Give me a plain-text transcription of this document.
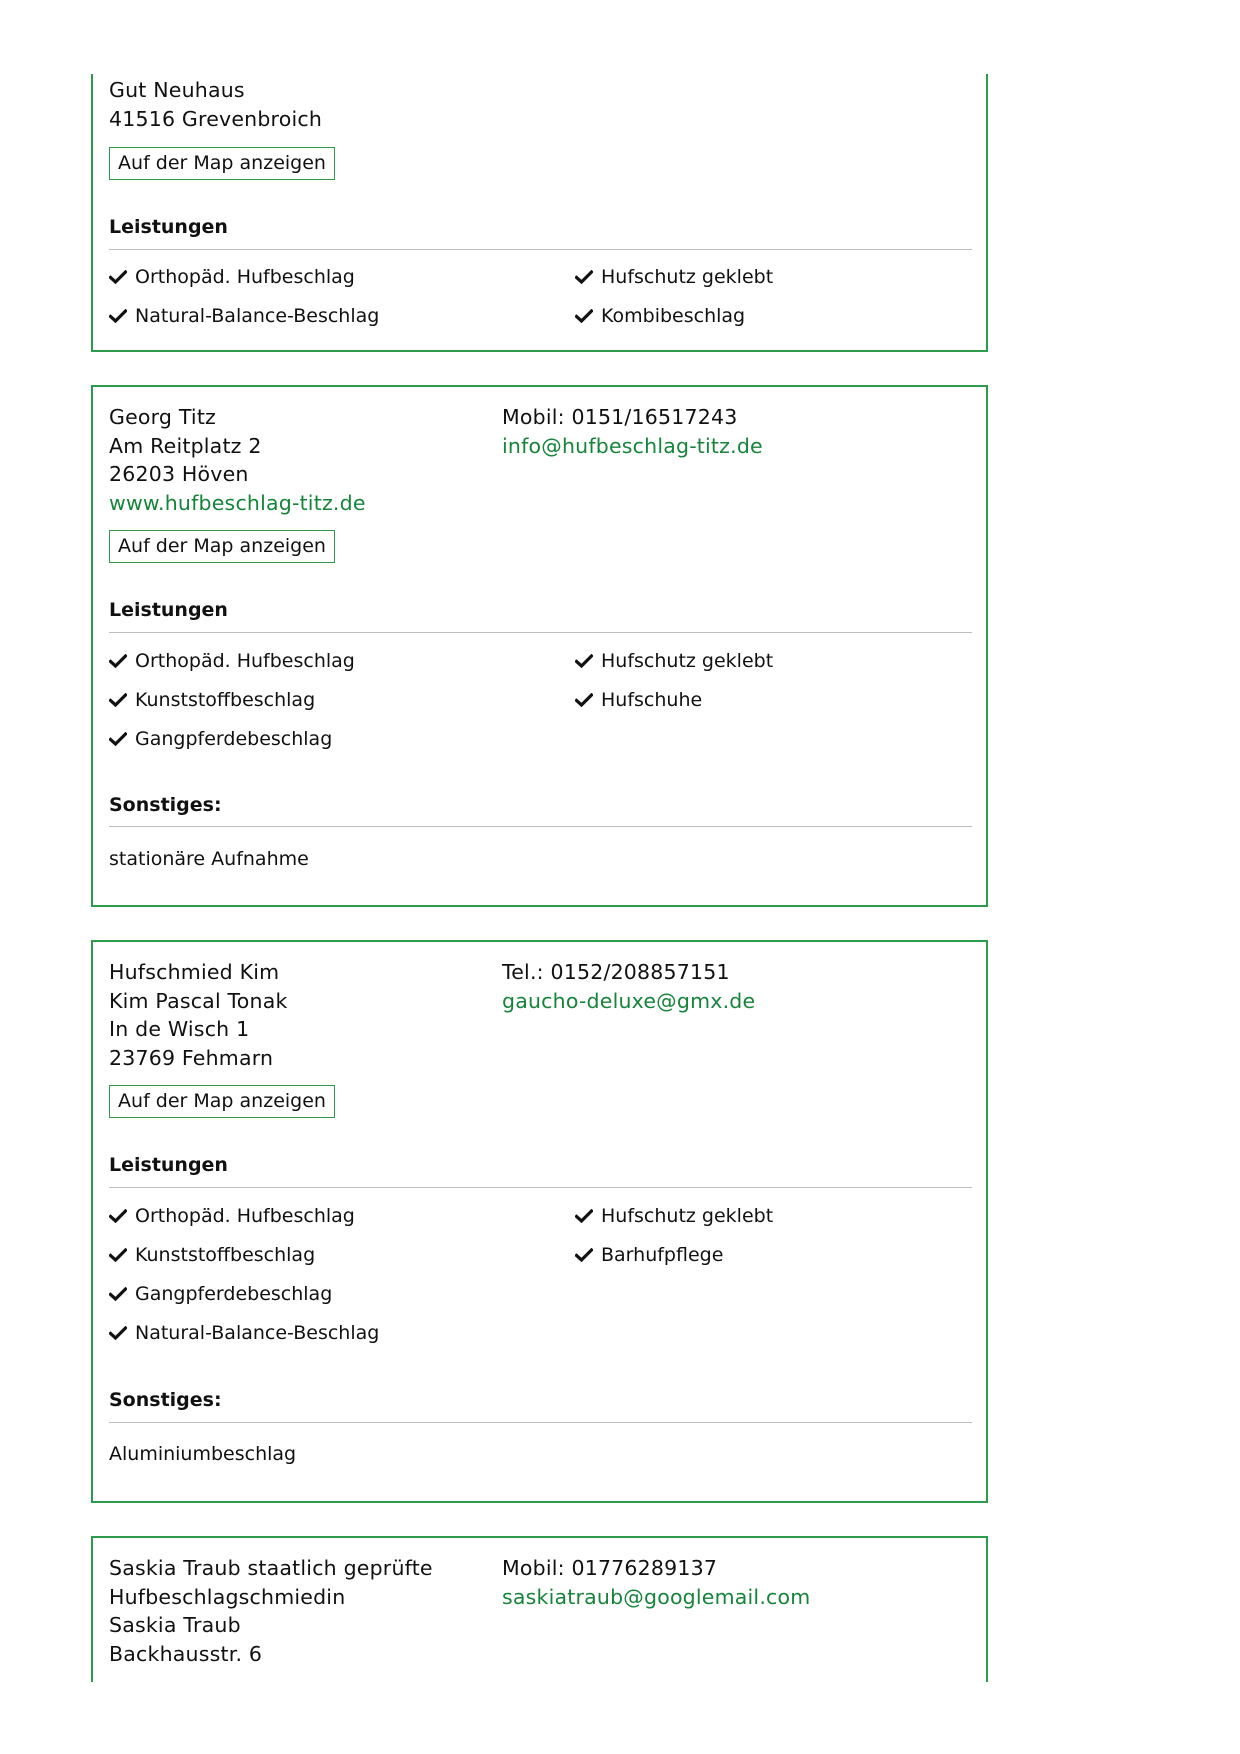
Gut Neuhaus
41516 Grevenbroich
Auf der Map anzeigen
Leistungen
Orthopäd. Hufbeschlag
Natural-Balance-Beschlag
Hufschutz geklebt
Kombibeschlag
Georg Titz
Am Reitplatz 2
26203 Höven
www.hufbeschlag-titz.de
Mobil: 0151/16517243
info@hufbeschlag-titz.de
Auf der Map anzeigen
Leistungen
Orthopäd. Hufbeschlag
Kunststoffbeschlag
Gangpferdebeschlag
Hufschutz geklebt
Hufschuhe
Sonstiges:
stationäre Aufnahme
Hufschmied Kim
Kim Pascal Tonak
In de Wisch 1
23769 Fehmarn
Tel.: 0152/208857151
gaucho-deluxe@gmx.de
Auf der Map anzeigen
Leistungen
Orthopäd. Hufbeschlag
Kunststoffbeschlag
Gangpferdebeschlag
Natural-Balance-Beschlag
Hufschutz geklebt
Barhufpflege
Sonstiges:
Aluminiumbeschlag
Saskia Traub staatlich geprüfte
Hufbeschlagschmiedin
Saskia Traub
Backhausstr. 6
Mobil: 01776289137
saskiatraub@googlemail.com
